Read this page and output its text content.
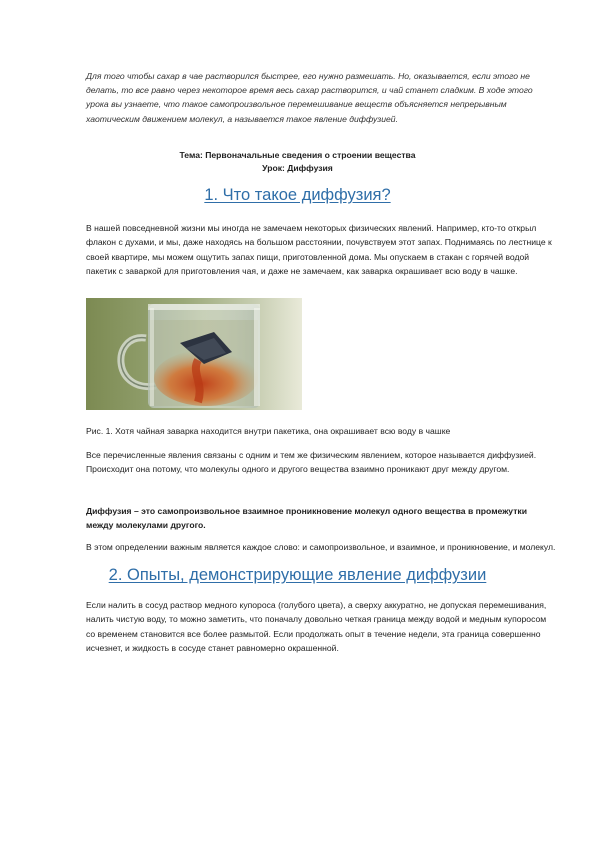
Для того чтобы сахар в чае растворился быстрее, его нужно размешать. Но, оказывается, если этого не делать, то все равно через некоторое время весь сахар растворится, и чай станет сладким. В ходе этого урока вы узнаете, что такое самопроизвольное перемешивание веществ объясняется непрерывным хаотическим движением молекул, а называется такое явление диффузией.

Тема: Первоначальные сведения о строении вещества

Урок: Диффузия

1. Что такое диффузия?

В нашей повседневной жизни мы иногда не замечаем некоторых физических явлений. Например, кто-то открыл флакон с духами, и мы, даже находясь на большом расстоянии, почувствуем этот запах. Поднимаясь по лестнице к своей квартире, мы можем ощутить запах пищи, приготовленной дома. Мы опускаем в стакан с горячей водой пакетик с заваркой для приготовления чая, и даже не замечаем, как заварка окрашивает всю воду в чашке.

Рис. 1. Хотя чайная заварка находится внутри пакетика, она окрашивает всю воду в чашке

Все перечисленные явления связаны с одним и тем же физическим явлением, которое называется диффузией. Происходит она потому, что молекулы одного и другого вещества взаимно проникают друг между другом.

Диффузия – это самопроизвольное взаимное проникновение молекул одного вещества в промежутки между молекулами другого.

В этом определении важным является каждое слово: и самопроизвольное, и взаимное, и проникновение, и молекул.

2. Опыты, демонстрирующие явление диффузии

Если налить в сосуд раствор медного купороса (голубого цвета), а сверху аккуратно, не допуская перемешивания, налить чистую воду, то можно заметить, что поначалу довольно четкая граница между водой и медным купоросом со временем становится все более размытой. Если продолжать опыт в течение недели, эта граница совершенно исчезнет, и жидкость в сосуде станет равномерно окрашенной.
